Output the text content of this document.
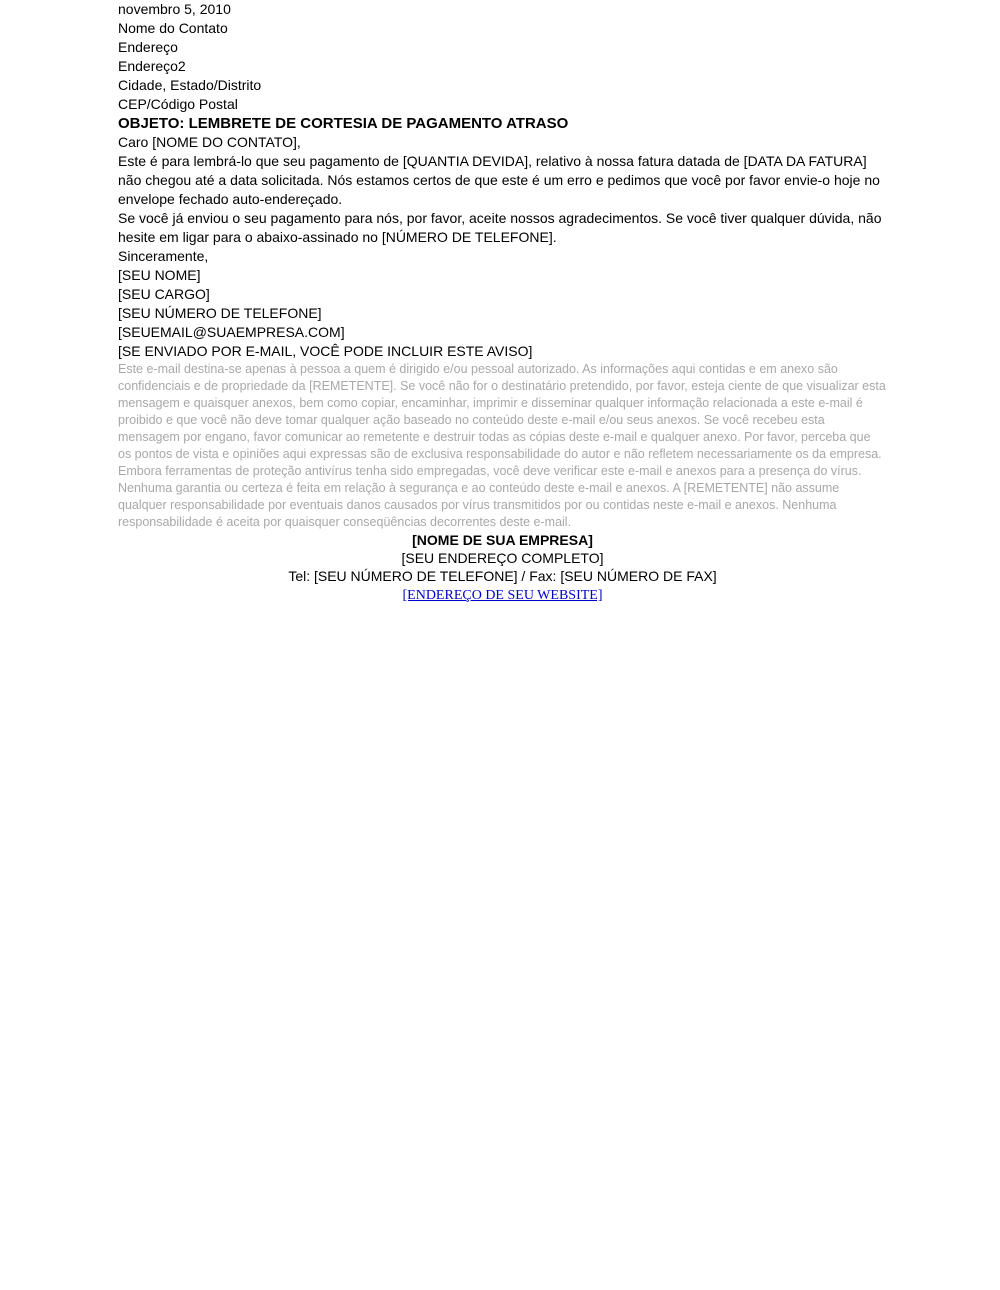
novembro 5, 2010

Nome do Contato
Endereço
Endereço2
Cidade, Estado/Distrito
CEP/Código Postal

OBJETO: LEMBRETE DE CORTESIA DE PAGAMENTO ATRASO

Caro [NOME DO CONTATO],

Este é para lembrá-lo que seu pagamento de [QUANTIA DEVIDA], relativo à nossa fatura datada de [DATA DA FATURA] não chegou até a data solicitada. Nós estamos certos de que este é um erro e pedimos que você por favor envie-o hoje no envelope fechado auto-endereçado.

Se você já enviou o seu pagamento para nós, por favor, aceite nossos agradecimentos. Se você tiver qualquer dúvida, não hesite em ligar para o abaixo-assinado no [NÚMERO DE TELEFONE].

Sinceramente,

[SEU NOME]
[SEU CARGO]
[SEU NÚMERO DE TELEFONE]
[SEUEMAIL@SUAEMPRESA.COM]

[SE ENVIADO POR E-MAIL, VOCÊ PODE INCLUIR ESTE AVISO]

Este e-mail destina-se apenas à pessoa a quem é dirigido e/ou pessoal autorizado. As informações aqui contidas e em anexo são confidenciais e de propriedade da [REMETENTE]. Se você não for o destinatário pretendido, por favor, esteja ciente de que visualizar esta mensagem e quaisquer anexos, bem como copiar, encaminhar, imprimir e disseminar qualquer informação relacionada a este e-mail é proibido e que você não deve tomar qualquer ação baseado no conteúdo deste e-mail e/ou seus anexos. Se você recebeu esta mensagem por engano, favor comunicar ao remetente e destruir todas as cópias deste e-mail e qualquer anexo. Por favor, perceba que os pontos de vista e opiniões aqui expressas são de exclusiva responsabilidade do autor e não refletem necessariamente os da empresa. Embora ferramentas de proteção antivírus tenha sido empregadas, você deve verificar este e-mail e anexos para a presença do vírus. Nenhuma garantia ou certeza é feita em relação à segurança e ao conteúdo deste e-mail e anexos. A [REMETENTE] não assume qualquer responsabilidade por eventuais danos causados por vírus transmitidos por ou contidas neste e-mail e anexos. Nenhuma responsabilidade é aceita por quaisquer conseqüências decorrentes deste e-mail.

[NOME DE SUA EMPRESA]
[SEU ENDEREÇO COMPLETO]
Tel: [SEU NÚMERO DE TELEFONE] / Fax: [SEU NÚMERO DE FAX]
[ENDEREÇO DE SEU WEBSITE]
